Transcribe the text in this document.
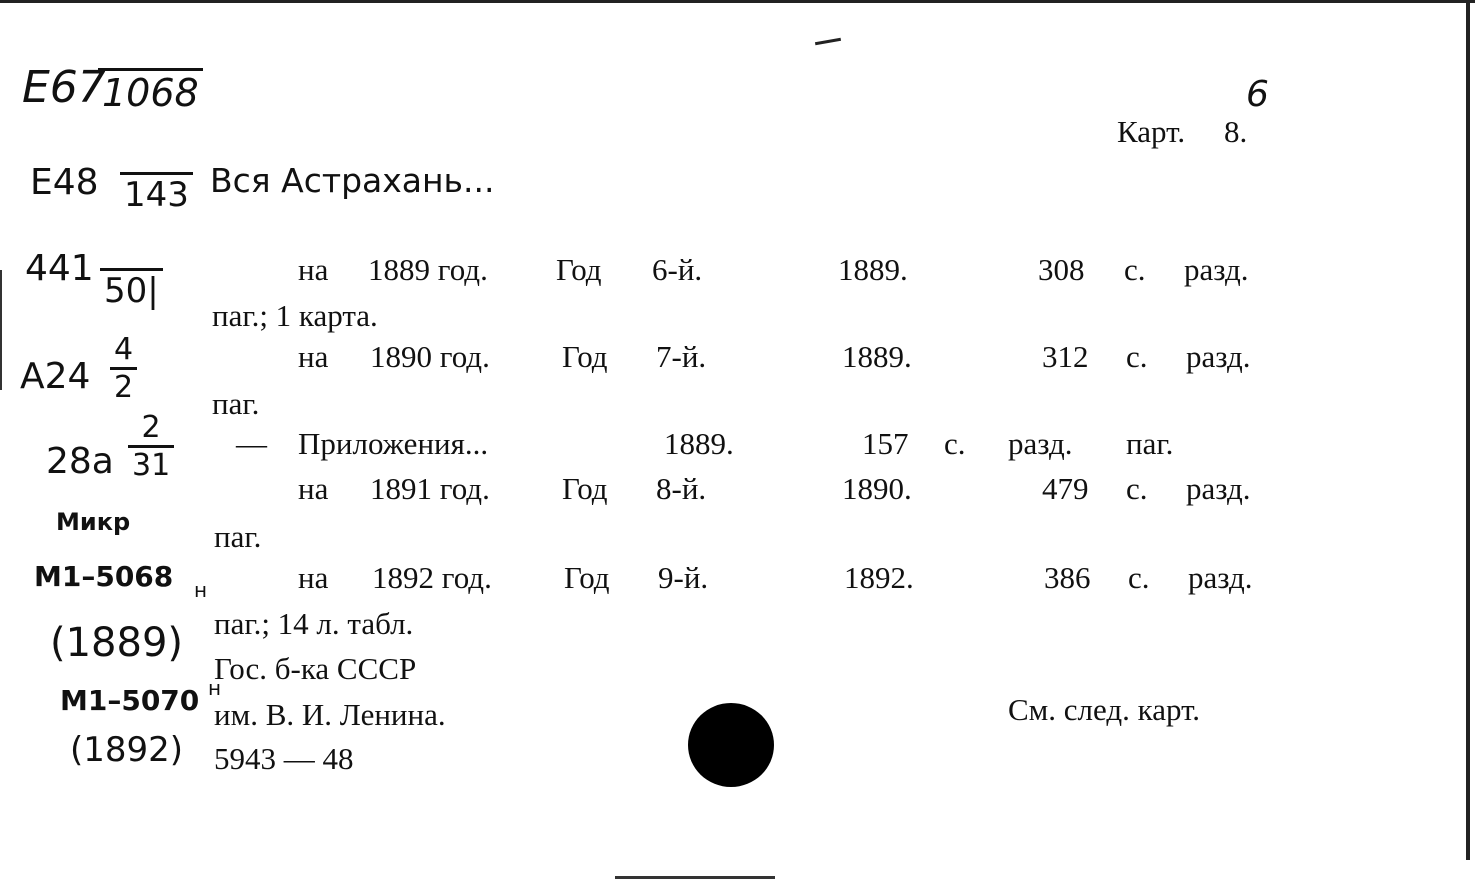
Карт. 8.
6
Е67
1068
Е48 143
441
50|
$А24 \frac{4}{2}$
$28а \frac{2}{31}$
Микр
М1–5068 н
(1889)
М1–5070 н
(1892)
Вся Астрахань...
на 1889 год. Год 6-й.	1889.	308 с. разд.
паг.; 1 карта.
на 1890 год. Год 7-й.	1889.	312 с. разд.
паг.
— Приложения...	1889.	157 с. разд. паг.
на 1891 год. Год 8-й.	1890.	479 с. разд.
паг.
на 1892 год. Год 9-й.	1892.	386 с. разд.
паг.; 14 л. табл.
Гос. б-ка СССР
им. В. И. Ленина.	См. след. карт.
5943 — 48
